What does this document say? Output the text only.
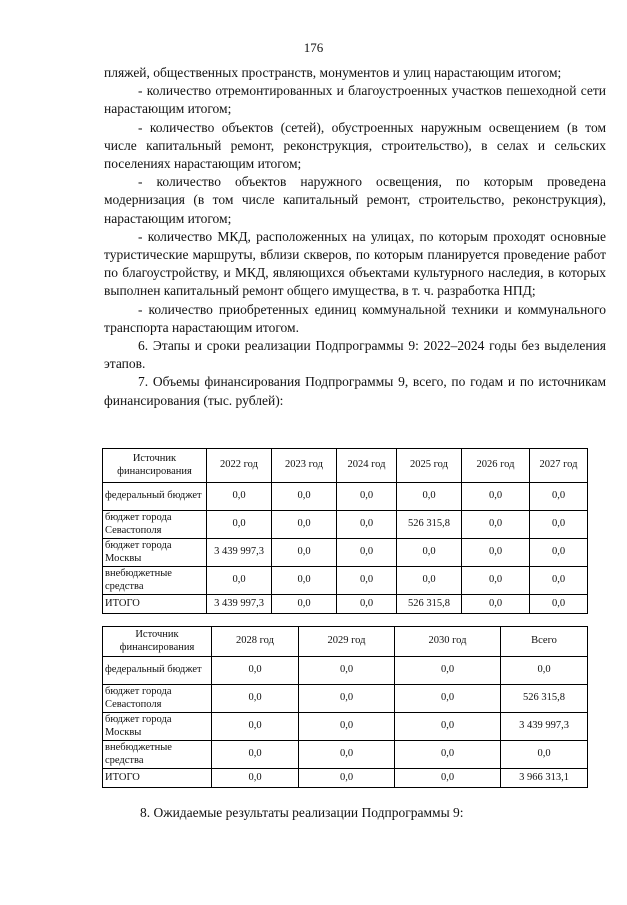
176

пляжей, общественных пространств, монументов и улиц нарастающим итогом;

- количество отремонтированных и благоустроенных участков пешеходной сети нарастающим итогом;

- количество объектов (сетей), обустроенных наружным освещением (в том числе капитальный ремонт, реконструкция, строительство), в селах и сельских поселениях нарастающим итогом;

- количество объектов наружного освещения, по которым проведена модернизация (в том числе капитальный ремонт, строительство, реконструкция), нарастающим итогом;

- количество МКД, расположенных на улицах, по которым проходят основные туристические маршруты, вблизи скверов, по которым планируется проведение работ по благоустройству, и МКД, являющихся объектами культурного наследия, в которых выполнен капитальный ремонт общего имущества, в т. ч. разработка НПД;

- количество приобретенных единиц коммунальной техники и коммунального транспорта нарастающим итогом.

6. Этапы и сроки реализации Подпрограммы 9: 2022–2024 годы без выделения этапов.

7. Объемы финансирования Подпрограммы 9, всего, по годам и по источникам финансирования (тыс. рублей):

Источник финансирования	2022 год	2023 год	2024 год	2025 год	2026 год	2027 год
федеральный бюджет	0,0	0,0	0,0	0,0	0,0	0,0
бюджет города Севастополя	0,0	0,0	0,0	526 315,8	0,0	0,0
бюджет города Москвы	3 439 997,3	0,0	0,0	0,0	0,0	0,0
внебюджетные средства	0,0	0,0	0,0	0,0	0,0	0,0
ИТОГО	3 439 997,3	0,0	0,0	526 315,8	0,0	0,0
Источник финансирования	2028 год	2029 год	2030 год	Всего
федеральный бюджет	0,0	0,0	0,0	0,0
бюджет города Севастополя	0,0	0,0	0,0	526 315,8
бюджет города Москвы	0,0	0,0	0,0	3 439 997,3
внебюджетные средства	0,0	0,0	0,0	0,0
ИТОГО	0,0	0,0	0,0	3 966 313,1
8. Ожидаемые результаты реализации Подпрограммы 9:
